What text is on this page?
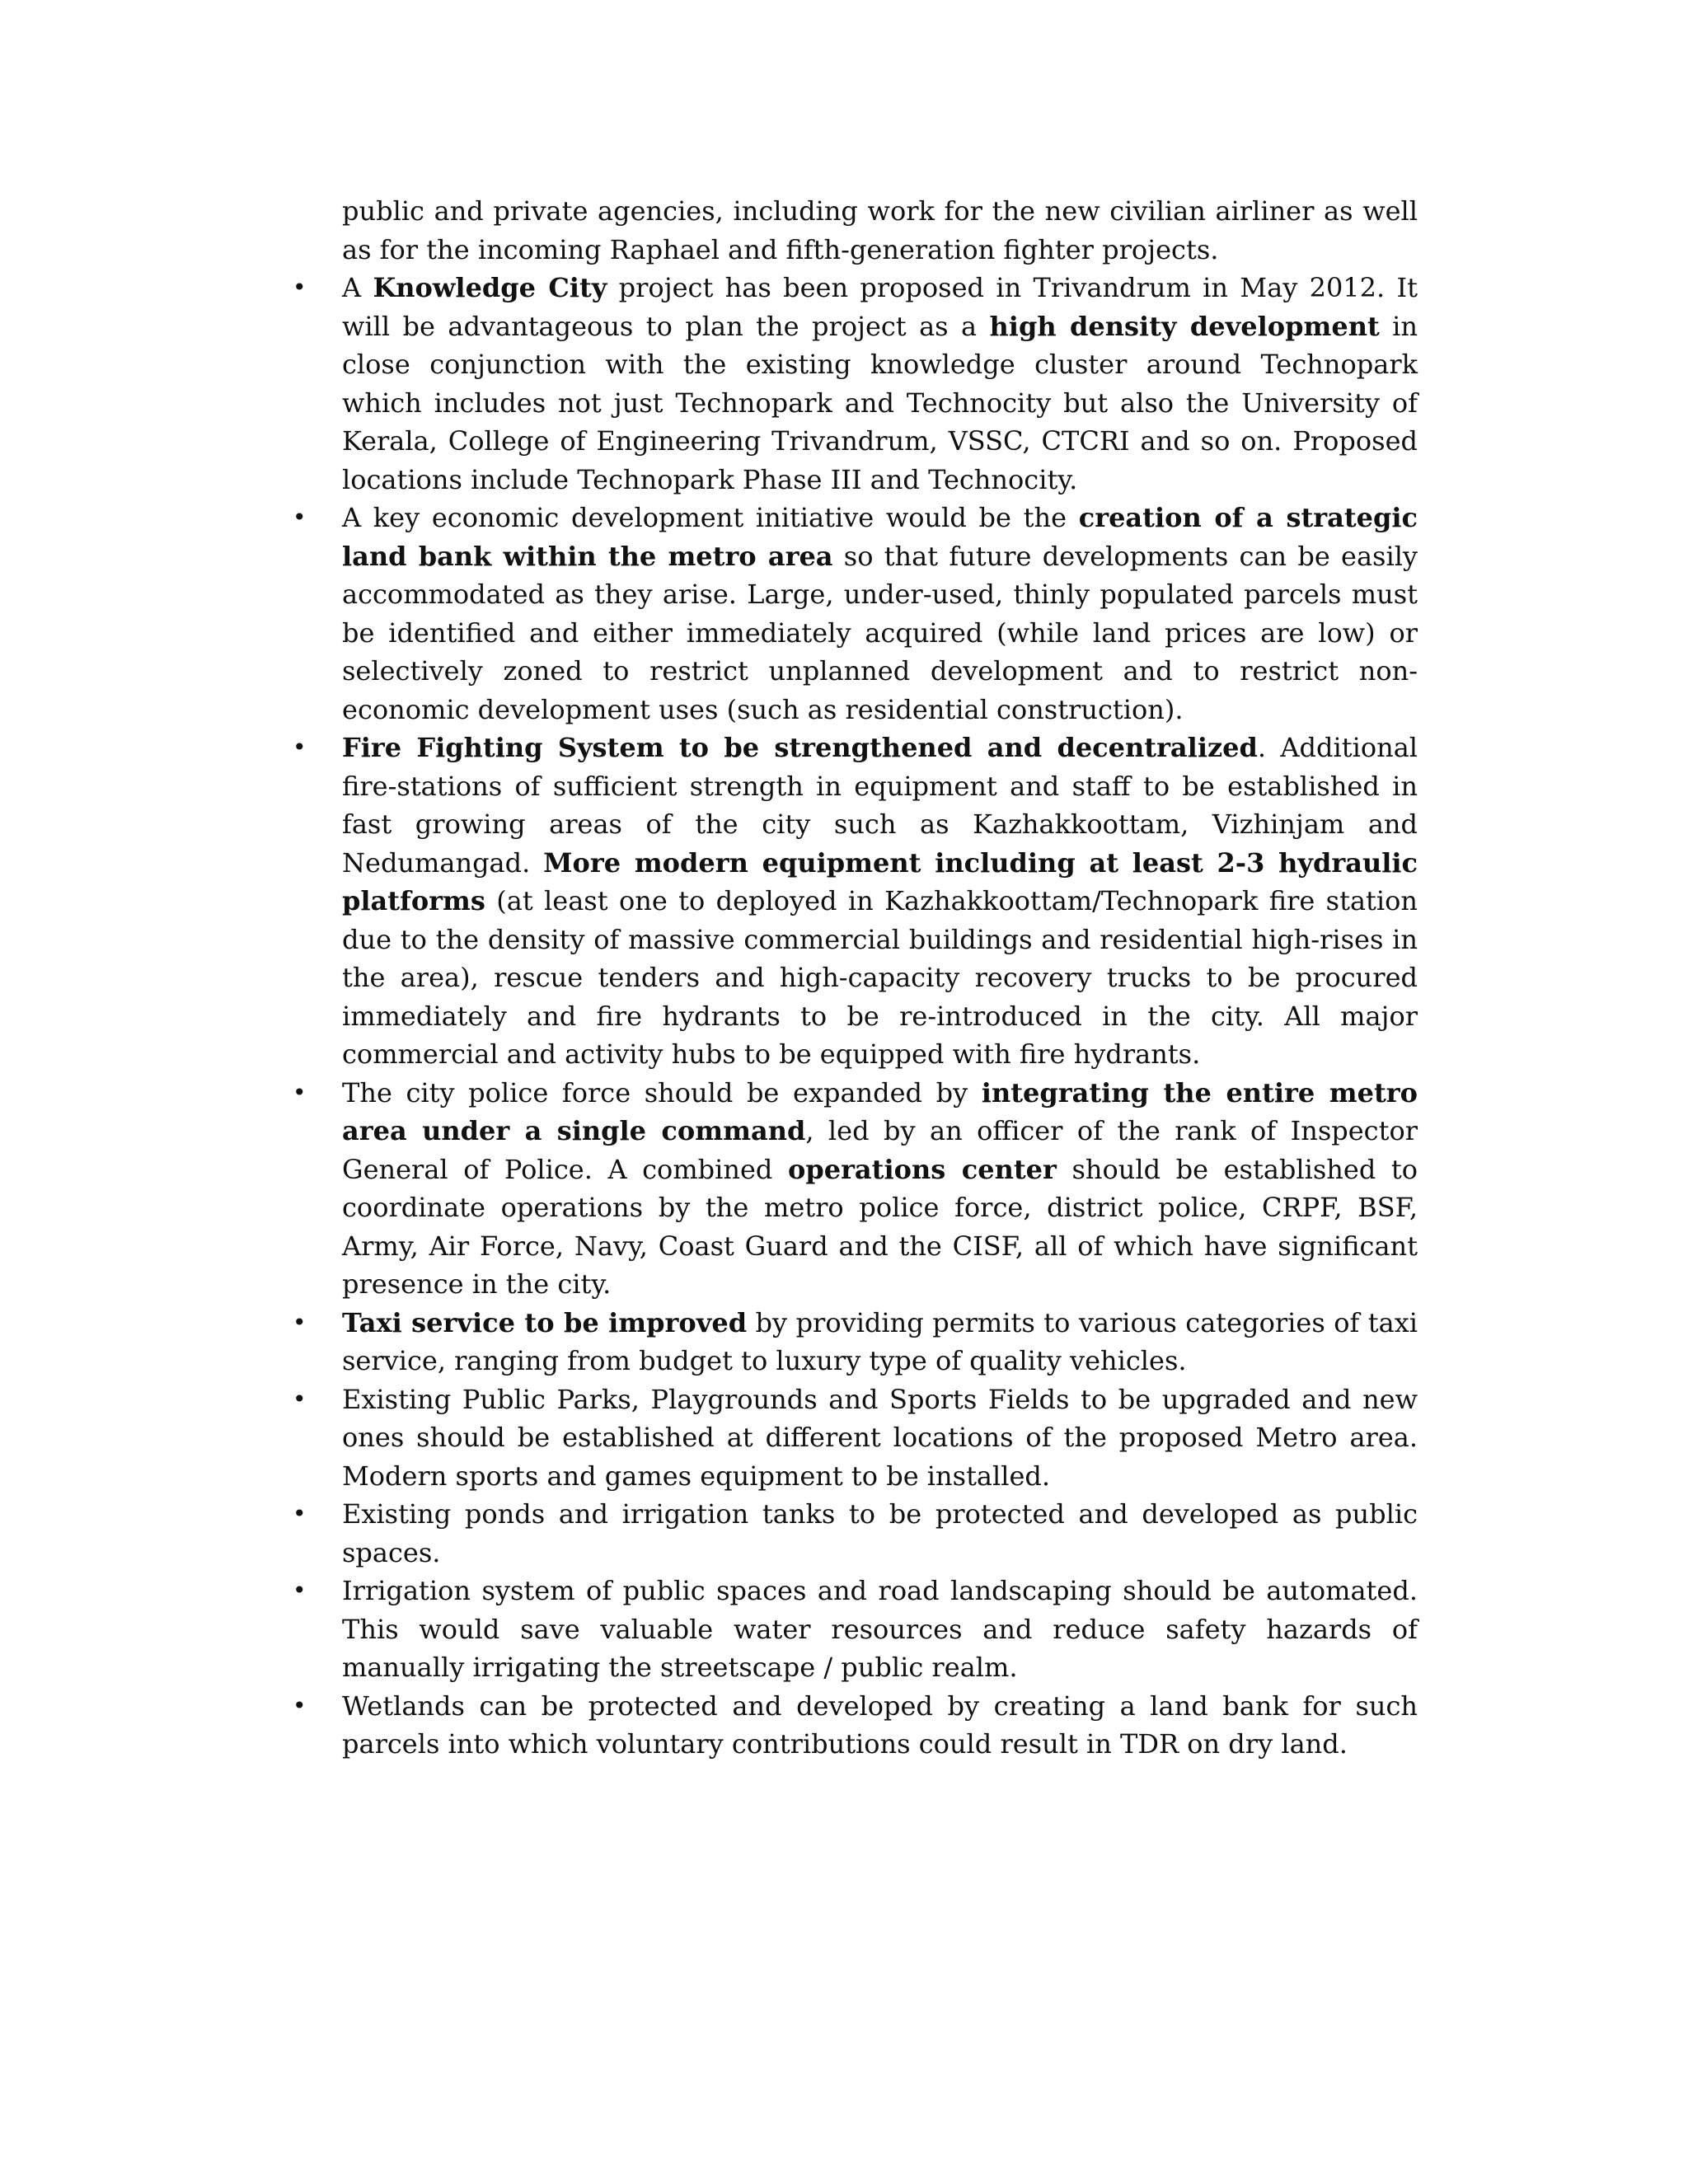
public and private agencies, including work for the new civilian airliner as well as for the incoming Raphael and fifth-generation fighter projects.

• A Knowledge City project has been proposed in Trivandrum in May 2012. It will be advantageous to plan the project as a high density development in close conjunction with the existing knowledge cluster around Technopark which includes not just Technopark and Technocity but also the University of Kerala, College of Engineering Trivandrum, VSSC, CTCRI and so on. Proposed locations include Technopark Phase III and Technocity.
• A key economic development initiative would be the creation of a strategic land bank within the metro area so that future developments can be easily accommodated as they arise. Large, under-used, thinly populated parcels must be identified and either immediately acquired (while land prices are low) or selectively zoned to restrict unplanned development and to restrict non-economic development uses (such as residential construction).
• Fire Fighting System to be strengthened and decentralized. Additional fire-stations of sufficient strength in equipment and staff to be established in fast growing areas of the city such as Kazhakkoottam, Vizhinjam and Nedumangad. More modern equipment including at least 2-3 hydraulic platforms (at least one to deployed in Kazhakkoottam/Technopark fire station due to the density of massive commercial buildings and residential high-rises in the area), rescue tenders and high-capacity recovery trucks to be procured immediately and fire hydrants to be re-introduced in the city. All major commercial and activity hubs to be equipped with fire hydrants.
• The city police force should be expanded by integrating the entire metro area under a single command, led by an officer of the rank of Inspector General of Police. A combined operations center should be established to coordinate operations by the metro police force, district police, CRPF, BSF, Army, Air Force, Navy, Coast Guard and the CISF, all of which have significant presence in the city.
• Taxi service to be improved by providing permits to various categories of taxi service, ranging from budget to luxury type of quality vehicles.
• Existing Public Parks, Playgrounds and Sports Fields to be upgraded and new ones should be established at different locations of the proposed Metro area. Modern sports and games equipment to be installed.
• Existing ponds and irrigation tanks to be protected and developed as public spaces.
• Irrigation system of public spaces and road landscaping should be automated. This would save valuable water resources and reduce safety hazards of manually irrigating the streetscape / public realm.
• Wetlands can be protected and developed by creating a land bank for such parcels into which voluntary contributions could result in TDR on dry land.
